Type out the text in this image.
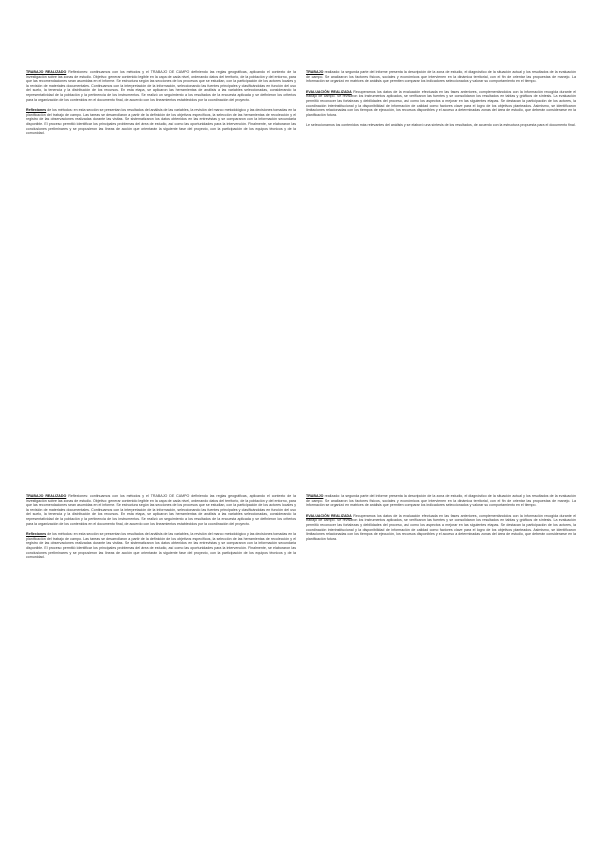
TRABAJO REALIZADO Reflexiones: continuamos con los métodos y el TRABAJO DE CAMPO definiendo las reglas geográficas, aplicando el contexto de la investigación sobre las zonas de estudio. Objetivo: generar contenido legible en la capa de cada nivel, ordenando datos del territorio, de la población y del entorno, para que las recomendaciones sean asumidas en el informe. Se estructura según las secciones de los procesos que se estudian, con la participación de los actores locales y la revisión de materiales documentales. Continuamos con la interpretación de la información, seleccionando las fuentes principales y clasificándolas en función del uso del suelo, la tenencia y la distribución de los recursos. En esta etapa, se aplicaron las herramientas de análisis a las variables seleccionadas, considerando la representatividad de la población y la pertinencia de los instrumentos. Se realizó un seguimiento a los resultados de la encuesta aplicada y se definieron los criterios para la organización de los contenidos en el documento final, de acuerdo con los lineamientos establecidos por la coordinación del proyecto.

Reflexiones de los métodos: en esta sección se presentan los resultados del análisis de las variables, la revisión del marco metodológico y las decisiones tomadas en la planificación del trabajo de campo. Las tareas se desarrollaron a partir de la definición de los objetivos específicos, la selección de las herramientas de recolección y el registro de las observaciones realizadas durante las visitas. Se sistematizaron los datos obtenidos en las entrevistas y se compararon con la información secundaria disponible. El proceso permitió identificar los principales problemas del área de estudio, así como las oportunidades para la intervención. Finalmente, se elaboraron las conclusiones preliminares y se propusieron las líneas de acción que orientarán la siguiente fase del proyecto, con la participación de los equipos técnicos y de la comunidad.

TRABAJO realizado: la segunda parte del informe presenta la descripción de la zona de estudio, el diagnóstico de la situación actual y los resultados de la evaluación de campo. Se analizaron los factores físicos, sociales y económicos que intervienen en la dinámica territorial, con el fin de orientar las propuestas de manejo. La información se organizó en matrices de análisis que permiten comparar los indicadores seleccionados y valorar su comportamiento en el tiempo.

EVALUACIÓN REALIZADA Recuperamos los datos de la evaluación efectuada en las fases anteriores, complementándolos con la información recogida durante el trabajo de campo. Se revisaron los instrumentos aplicados, se verificaron las fuentes y se consolidaron los resultados en tablas y gráficos de síntesis. La evaluación permitió reconocer las fortalezas y debilidades del proceso, así como los aspectos a mejorar en las siguientes etapas. Se destacan la participación de los actores, la coordinación interinstitucional y la disponibilidad de información de calidad como factores clave para el logro de los objetivos planteados. Asimismo, se identificaron limitaciones relacionadas con los tiempos de ejecución, los recursos disponibles y el acceso a determinadas zonas del área de estudio, que deberán considerarse en la planificación futura.

Le seleccionamos los contenidos más relevantes del análisis y se elaboró una síntesis de los resultados, de acuerdo con la estructura propuesta para el documento final.

TRABAJO REALIZADO Reflexiones: continuamos con los métodos y el TRABAJO DE CAMPO definiendo las reglas geográficas, aplicando el contexto de la investigación sobre las zonas de estudio. Objetivo: generar contenido legible en la capa de cada nivel, ordenando datos del territorio, de la población y del entorno, para que las recomendaciones sean asumidas en el informe. Se estructura según las secciones de los procesos que se estudian, con la participación de los actores locales y la revisión de materiales documentales. Continuamos con la interpretación de la información, seleccionando las fuentes principales y clasificándolas en función del uso del suelo, la tenencia y la distribución de los recursos. En esta etapa, se aplicaron las herramientas de análisis a las variables seleccionadas, considerando la representatividad de la población y la pertinencia de los instrumentos. Se realizó un seguimiento a los resultados de la encuesta aplicada y se definieron los criterios para la organización de los contenidos en el documento final, de acuerdo con los lineamientos establecidos por la coordinación del proyecto.

Reflexiones de los métodos: en esta sección se presentan los resultados del análisis de las variables, la revisión del marco metodológico y las decisiones tomadas en la planificación del trabajo de campo. Las tareas se desarrollaron a partir de la definición de los objetivos específicos, la selección de las herramientas de recolección y el registro de las observaciones realizadas durante las visitas. Se sistematizaron los datos obtenidos en las entrevistas y se compararon con la información secundaria disponible. El proceso permitió identificar los principales problemas del área de estudio, así como las oportunidades para la intervención. Finalmente, se elaboraron las conclusiones preliminares y se propusieron las líneas de acción que orientarán la siguiente fase del proyecto, con la participación de los equipos técnicos y de la comunidad.

TRABAJO realizado: la segunda parte del informe presenta la descripción de la zona de estudio, el diagnóstico de la situación actual y los resultados de la evaluación de campo. Se analizaron los factores físicos, sociales y económicos que intervienen en la dinámica territorial, con el fin de orientar las propuestas de manejo. La información se organizó en matrices de análisis que permiten comparar los indicadores seleccionados y valorar su comportamiento en el tiempo.

EVALUACIÓN REALIZADA Recuperamos los datos de la evaluación efectuada en las fases anteriores, complementándolos con la información recogida durante el trabajo de campo. Se revisaron los instrumentos aplicados, se verificaron las fuentes y se consolidaron los resultados en tablas y gráficos de síntesis. La evaluación permitió reconocer las fortalezas y debilidades del proceso, así como los aspectos a mejorar en las siguientes etapas. Se destacan la participación de los actores, la coordinación interinstitucional y la disponibilidad de información de calidad como factores clave para el logro de los objetivos planteados. Asimismo, se identificaron limitaciones relacionadas con los tiempos de ejecución, los recursos disponibles y el acceso a determinadas zonas del área de estudio, que deberán considerarse en la planificación futura.
